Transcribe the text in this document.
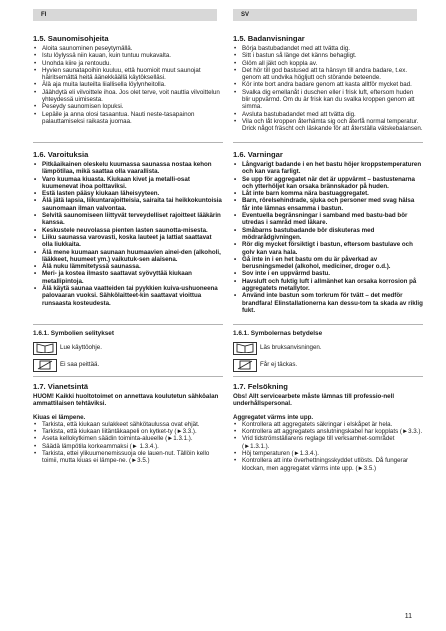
FI	SV
1.5. Saunomisohjeita
• Aloita saunominen peseytymällä.
• Istu löylyssä niin kauan, kuin tuntuu mukavalta.
• Unohda kiire ja rentoudu.
• Hyvien saunatapoihin kuuluu, että huomioit muut saunojat häiritsemättä heitä äänekkäällä käytökselläsi.
• Älä aja muita lauteilta liiallisella löylynheitolla.
• Jäähdytä eli vilvoittele ihoa. Jos olet terve, voit nauttia vilvoittelun yhteydessä uimisesta.
• Peseydy saunomisen lopuksi.
• Lepäile ja anna olosi tasaantua. Nauti neste-tasapainon palauttamiseksi raikasta juomaa.
1.6. Varoituksia
• Pitkäaikainen oleskelu kuumassa saunassa nostaa kehon lämpötilaa, mikä saattaa olla vaarallista.
• Varo kuumaa kiuasta. Kiukaan kivet ja metalli-osat kuumenevat ihoa polttaviksi.
• Estä lasten pääsy kiukaan läheisyyteen.
• Älä jätä lapsia, liikuntarajoitteisia, sairaita tai heikkokuntoisia saunomaan ilman valvontaa.
• Selvitä saunomiseen liittyvät terveydelliset rajoitteet lääkärin kanssa.
• Keskustele neuvolassa pienten lasten saunotta-misesta.
• Liiku saunassa varovasti, koska lauteet ja lattiat saattavat olla liukkaita.
• Älä mene kuumaan saunaan huumaavien ainei-den (alkoholi, lääkkeet, huumeet ym.) vaikutuk-sen alaisena.
• Älä nuku lämmitetyssä saunassa.
• Meri- ja kostea ilmasto saattavat syövyttää kiukaan metallipintoja.
• Älä käytä saunaa vaatteiden tai pyykkien kuiva-ushuoneena palovaaran vuoksi. Sähkölaitteet-kin saattavat vioittua runsaasta kosteudesta.
1.6.1. Symbolien selitykset
Lue käyttöohje.
Ei saa peittää.
1.7. Vianetsintä

HUOM! Kaikki huoltotoimet on annettava koulutetun sähköalan ammattilaisen tehtäviksi.

Kiuas ei lämpene.

• Tarkista, että kiukaan sulakkeet sähkötaulussa ovat ehjät.
• Tarkista, että kiukaan liitäntäkaapeli on kytket-ty (►3.3.).
• Aseta kellokytkimen säädin toiminta-alueelle (►1.3.1.).
• Säädä lämpötila korkeammaksi (► 1.3.4.).
• Tarkista, ettei ylikuumenemissuoja ole lauen-nut. Tällöin kello toimii, mutta kiuas ei lämpe-ne. (►3.5.)
1.5. Badanvisningar
• Börja bastubadandet med att tvätta dig.
• Sitt i bastun så länge det känns behagligt.
• Glöm all jäkt och koppla av.
• Det hör till god bastused att ta hänsyn till andra badare, t.ex. genom att undvika högljutt och störande beteende.
• Kör inte bort andra badare genom att kasta alltför mycket bad.
• Svalka dig emellanåt i duschen eller i frisk luft, eftersom huden blir uppvärmd. Om du är frisk kan du svalka kroppen genom att simma.
• Avsluta bastubadandet med att tvätta dig.
• Vila och låt kroppen återhämta sig och återfå normal temperatur. Drick något fräscht och läskande för att återställa vätskebalansen.
1.6. Varningar
• Långvarigt badande i en het bastu höjer kroppstemperaturen och kan vara farligt.
• Se upp för aggregatet när det är uppvärmt – bastustenarna och ytterhöljet kan orsaka brännskador på huden.
• Låt inte barn komma nära bastuaggregatet.
• Barn, rörelsehindrade, sjuka och personer med svag hälsa får inte lämnas ensamma i bastun.
• Eventuella begränsningar i samband med bastu-bad bör utredas i samråd med läkare.
• Småbarns bastubadande bör diskuteras med mödrarådgivningen.
• Rör dig mycket försiktigt i bastun, eftersom bastulave och golv kan vara hala.
• Gå inte in i en het bastu om du är påverkad av berusningsmedel (alkohol, mediciner, droger o.d.).
• Sov inte i en uppvärmd bastu.
• Havsluft och fuktig luft i allmänhet kan orsaka korrosion på aggregatets metallytor.
• Använd inte bastun som torkrum för tvätt – det medför brandfara! Elinstallationerna kan dessu-tom ta skada av riklig fukt.
1.6.1. Symbolernas betydelse
Läs bruksanvisningen.
Får ej täckas.
1.7. Felsökning

Obs! Allt servicearbete måste lämnas till professio-nell underhållspersonal.

Aggregatet värms inte upp.

• Kontrollera att aggregatets säkringar i elskåpet är hela.
• Kontrollera att aggregatets anslutningskabel har kopplats (►3.3.).
• Vrid tidströmställarens reglage till verksamhet-sområdet (►1.3.1.).
• Höj temperaturen (►1.3.4.).
• Kontrollera att inte överhettningsskyddet utlösts. Då fungerar klockan, men aggregatet värms inte upp. (►3.5.)
11
